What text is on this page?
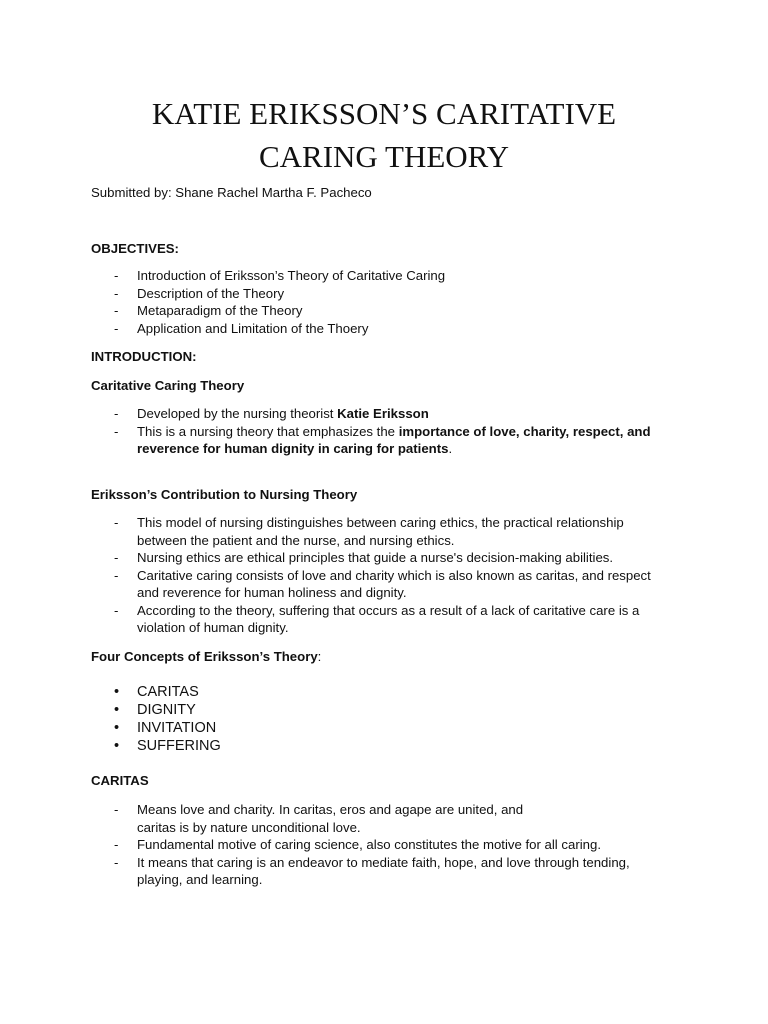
KATIE ERIKSSON’S CARITATIVE
CARING THEORY
Submitted by: Shane Rachel Martha F. Pacheco
OBJECTIVES:
- Introduction of Eriksson’s Theory of Caritative Caring
- Description of the Theory
- Metaparadigm of the Theory
- Application and Limitation of the Thoery
INTRODUCTION:
Caritative Caring Theory
- Developed by the nursing theorist Katie Eriksson
- This is a nursing theory that emphasizes the importance of love, charity, respect, and
reverence for human dignity in caring for patients.
Eriksson’s Contribution to Nursing Theory
- This model of nursing distinguishes between caring ethics, the practical relationship
between the patient and the nurse, and nursing ethics.
- Nursing ethics are ethical principles that guide a nurse's decision-making abilities.
- Caritative caring consists of love and charity which is also known as caritas, and respect
and reverence for human holiness and dignity.
- According to the theory, suffering that occurs as a result of a lack of caritative care is a
violation of human dignity.
Four Concepts of Eriksson’s Theory:
• CARITAS
• DIGNITY
• INVITATION
• SUFFERING
CARITAS
- Means love and charity. In caritas, eros and agape are united, and
caritas is by nature unconditional love.
- Fundamental motive of caring science, also constitutes the motive for all caring.
- It means that caring is an endeavor to mediate faith, hope, and love through tending,
playing, and learning.
